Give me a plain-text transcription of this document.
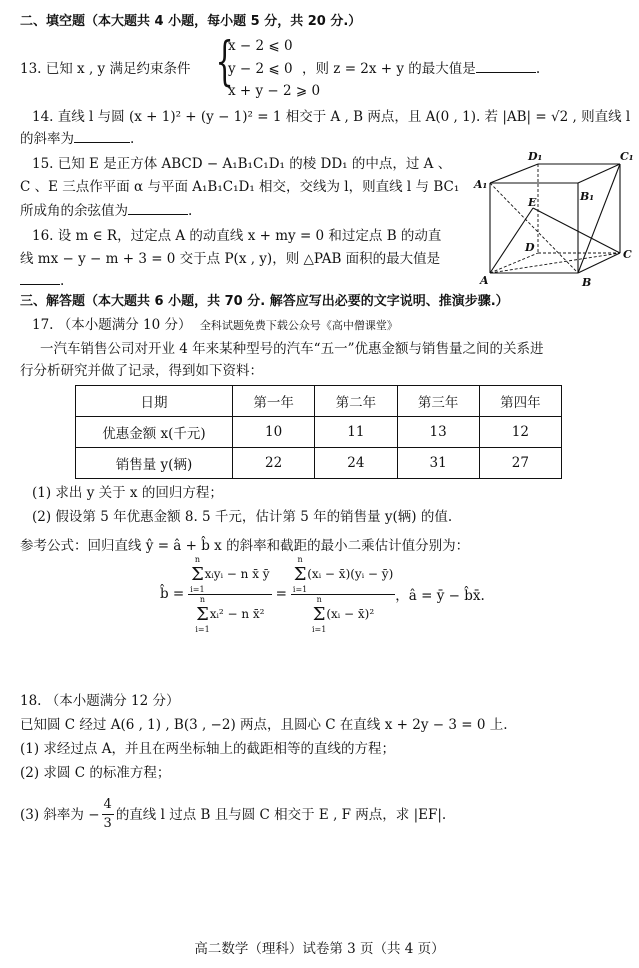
二、填空题（本大题共 4 小题，每小题 5 分，共 20 分.）
13. 已知 x , y 满足约束条件 {
x − 2 ⩽ 0
y − 2 ⩽ 0
x + y − 2 ⩾ 0
，则 z = 2x + y 的最大值是	.
14. 直线 l 与圆 (x + 1)² + (y − 1)² = 1 相交于 A , B 两点，且 A(0 , 1). 若 |AB| = √2 , 则直线 l
的斜率为	.
15. 已知 E 是正方体 ABCD − A₁B₁C₁D₁ 的棱 DD₁ 的中点，过 A 、
C 、E 三点作平面 α 与平面 A₁B₁C₁D₁ 相交，交线为 l，则直线 l 与 BC₁
所成角的余弦值为	.
16. 设 m ∈ R，过定点 A 的动直线 x + my = 0 和过定点 B 的动直
线 mx − y − m + 3 = 0 交于点 P(x , y)，则 △PAB 面积的最大值是
.
D₁	C₁
A₁
B₁
E
D
C
A	B
三、解答题（本大题共 6 小题，共 70 分. 解答应写出必要的文字说明、推演步骤.）
17. （本小题满分 10 分） 全科试题免费下载公众号《高中僧课堂》
一汽车销售公司对开业 4 年来某种型号的汽车“五一”优惠金额与销售量之间的关系进
行分析研究并做了记录，得到如下资料：
日期	第一年	第二年	第三年	第四年
优惠金额 x(千元)	10	11	13	12
销售量 y(辆)	22	24	31	27
(1) 求出 y 关于 x 的回归方程；
(2) 假设第 5 年优惠金额 8. 5 千元，估计第 5 年的销售量 y(辆) 的值.
参考公式：回归直线 ŷ = â + b̂ x 的斜率和截距的最小二乘估计值分别为：
b̂ = n
Σ
i=1
xᵢyᵢ − n x̄ ȳ
n
Σ
i=1
xᵢ² − n x̄² = n
Σ
i=1
(xᵢ − x̄)(yᵢ − ȳ)
n
Σ
i=1
(xᵢ − x̄)² ，â = ȳ − b̂x̄.
18. （本小题满分 12 分）
已知圆 C 经过 A(6 , 1) , B(3 , −2) 两点，且圆心 C 在直线 x + 2y − 3 = 0 上.
(1) 求经过点 A，并且在两坐标轴上的截距相等的直线的方程；
(2) 求圆 C 的标准方程；
(3) 斜率为 − $\frac{4}{3}$ 的直线 l 过点 B 且与圆 C 相交于 E , F 两点，求 |EF|.
高二数学（理科）试卷第 3 页（共 4 页）
